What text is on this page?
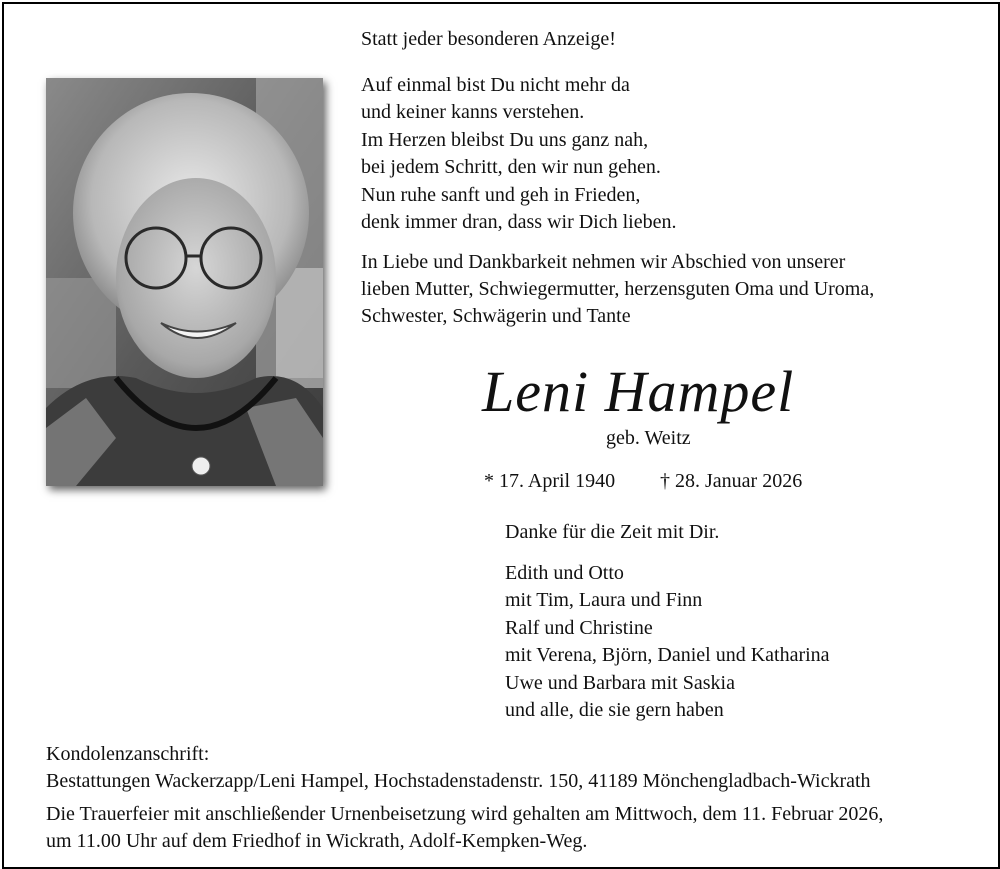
Statt jeder besonderen Anzeige!
Auf einmal bist Du nicht mehr da
und keiner kanns verstehen.
Im Herzen bleibst Du uns ganz nah,
bei jedem Schritt, den wir nun gehen.
Nun ruhe sanft und geh in Frieden,
denk immer dran, dass wir Dich lieben.
In Liebe und Dankbarkeit nehmen wir Abschied von unserer
lieben Mutter, Schwiegermutter, herzensguten Oma und Uroma,
Schwester, Schwägerin und Tante
Leni Hampel
geb. Weitz
* 17. April 1940 † 28. Januar 2026
Danke für die Zeit mit Dir.
Edith und Otto
mit Tim, Laura und Finn
Ralf und Christine
mit Verena, Björn, Daniel und Katharina
Uwe und Barbara mit Saskia
und alle, die sie gern haben
Kondolenzanschrift:
Bestattungen Wackerzapp/Leni Hampel, Hochstadenstadenstr. 150, 41189 Mönchengladbach-Wickrath
Die Trauerfeier mit anschließender Urnenbeisetzung wird gehalten am Mittwoch, dem 11. Februar 2026,
um 11.00 Uhr auf dem Friedhof in Wickrath, Adolf-Kempken-Weg.
